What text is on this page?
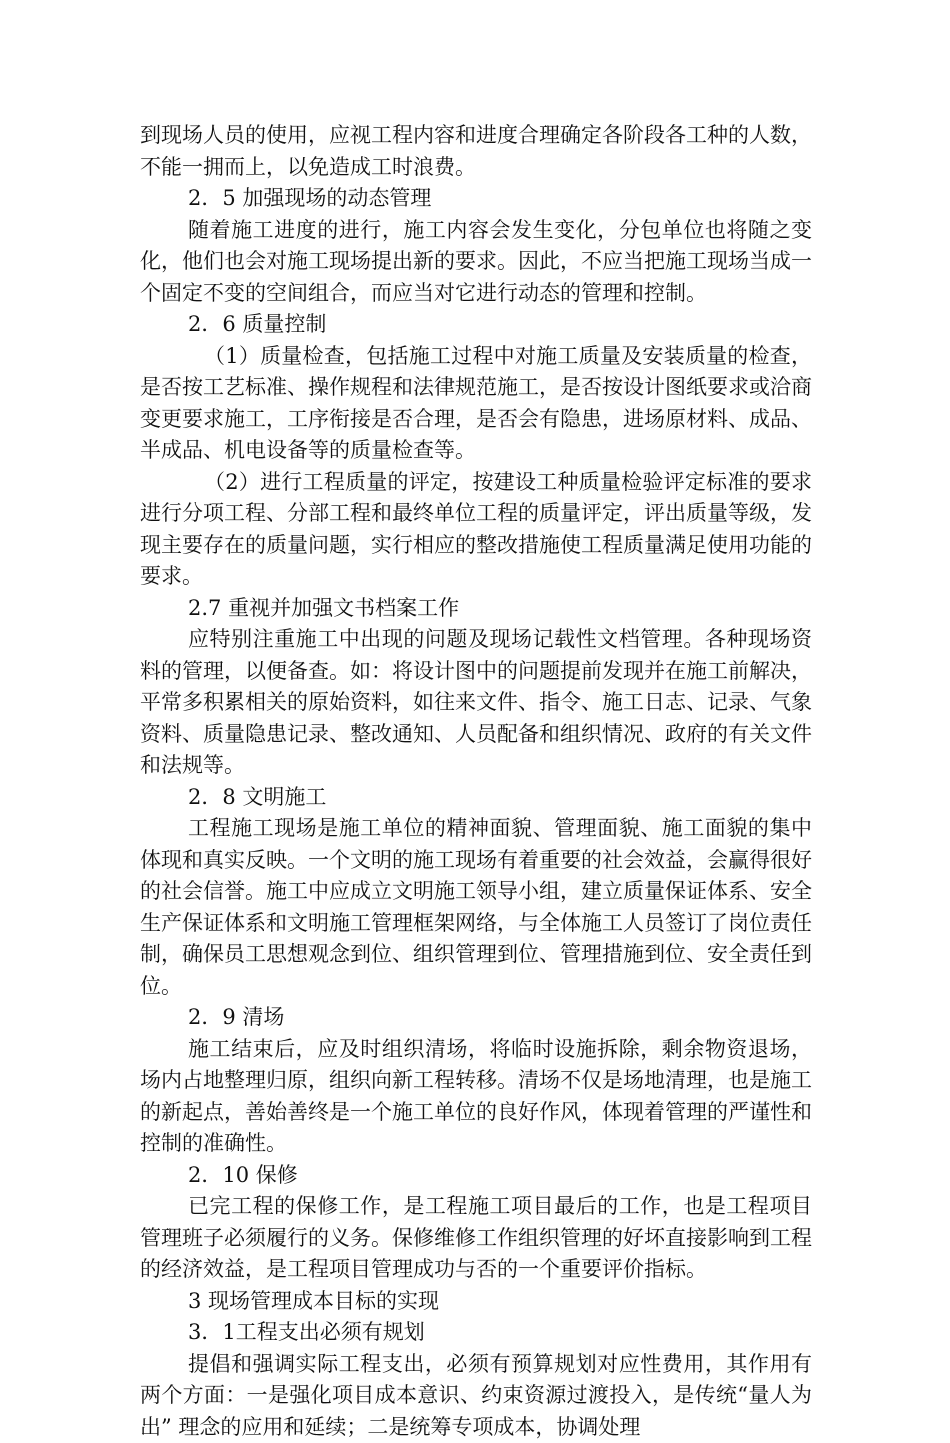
到现场人员的使用，应视工程内容和进度合理确定各阶段各工种的人数，不能一拥而上，以免造成工时浪费。

2．5 加强现场的动态管理

随着施工进度的进行，施工内容会发生变化，分包单位也将随之变化，他们也会对施工现场提出新的要求。因此，不应当把施工现场当成一个固定不变的空间组合，而应当对它进行动态的管理和控制。

2．6 质量控制

（1）质量检查，包括施工过程中对施工质量及安装质量的检查，是否按工艺标准、操作规程和法律规范施工，是否按设计图纸要求或洽商变更要求施工，工序衔接是否合理，是否会有隐患，进场原材料、成品、半成品、机电设备等的质量检查等。

（2）进行工程质量的评定，按建设工种质量检验评定标准的要求进行分项工程、分部工程和最终单位工程的质量评定，评出质量等级，发现主要存在的质量问题，实行相应的整改措施使工程质量满足使用功能的要求。

2.7 重视并加强文书档案工作

应特别注重施工中出现的问题及现场记载性文档管理。各种现场资料的管理，以便备查。如：将设计图中的问题提前发现并在施工前解决，平常多积累相关的原始资料，如往来文件、指令、施工日志、记录、气象资料、质量隐患记录、整改通知、人员配备和组织情况、政府的有关文件和法规等。

2．8 文明施工

工程施工现场是施工单位的精神面貌、管理面貌、施工面貌的集中体现和真实反映。一个文明的施工现场有着重要的社会效益，会赢得很好的社会信誉。施工中应成立文明施工领导小组，建立质量保证体系、安全生产保证体系和文明施工管理框架网络，与全体施工人员签订了岗位责任制，确保员工思想观念到位、组织管理到位、管理措施到位、安全责任到位。

2．9 清场

施工结束后，应及时组织清场，将临时设施拆除，剩余物资退场，场内占地整理归原，组织向新工程转移。清场不仅是场地清理，也是施工的新起点，善始善终是一个施工单位的良好作风，体现着管理的严谨性和控制的准确性。

2．10 保修

已完工程的保修工作，是工程施工项目最后的工作，也是工程项目管理班子必须履行的义务。保修维修工作组织管理的好坏直接影响到工程的经济效益，是工程项目管理成功与否的一个重要评价指标。

3 现场管理成本目标的实现

3．1工程支出必须有规划

提倡和强调实际工程支出，必须有预算规划对应性费用，其作用有两个方面：一是强化项目成本意识、约束资源过渡投入，是传统“量人为出” 理念的应用和延续；二是统筹专项成本，协调处理
